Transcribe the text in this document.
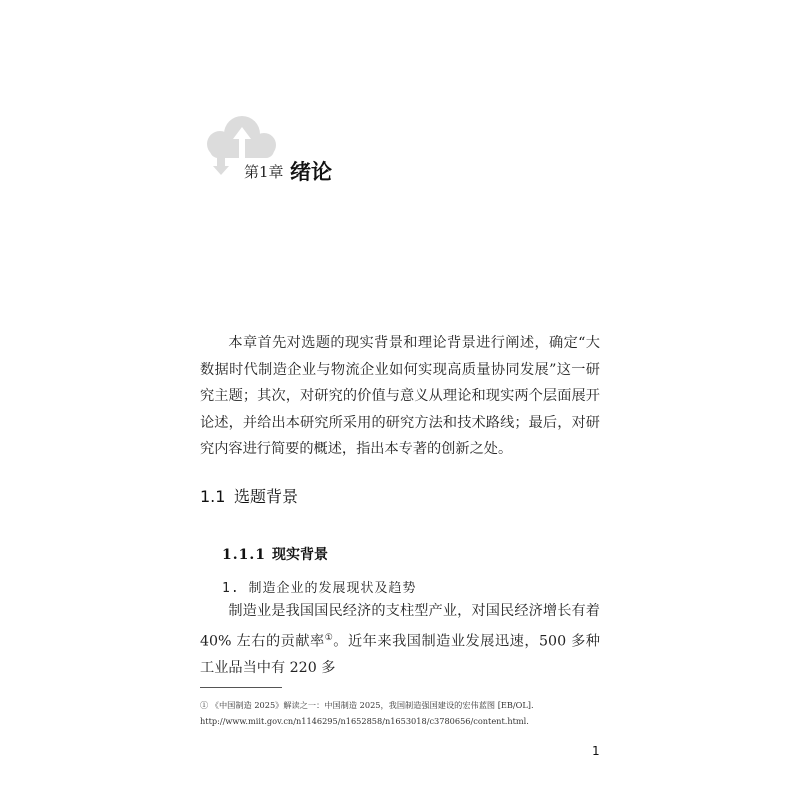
第1章 绪论

本章首先对选题的现实背景和理论背景进行阐述，确定“大数据时代制造企业与物流企业如何实现高质量协同发展”这一研究主题；其次，对研究的价值与意义从理论和现实两个层面展开论述，并给出本研究所采用的研究方法和技术路线；最后，对研究内容进行简要的概述，指出本专著的创新之处。

1.1 选题背景
1.1.1 现实背景
1. 制造企业的发展现状及趋势

制造业是我国国民经济的支柱型产业，对国民经济增长有着 40% 左右的贡献率①。近年来我国制造业发展迅速，500 多种工业品当中有 220 多

① 《中国制造 2025》解读之一：中国制造 2025，我国制造强国建设的宏伟蓝图 [EB/OL]. http://www.miit.gov.cn/n1146295/n1652858/n1653018/c3780656/content.html.

1
